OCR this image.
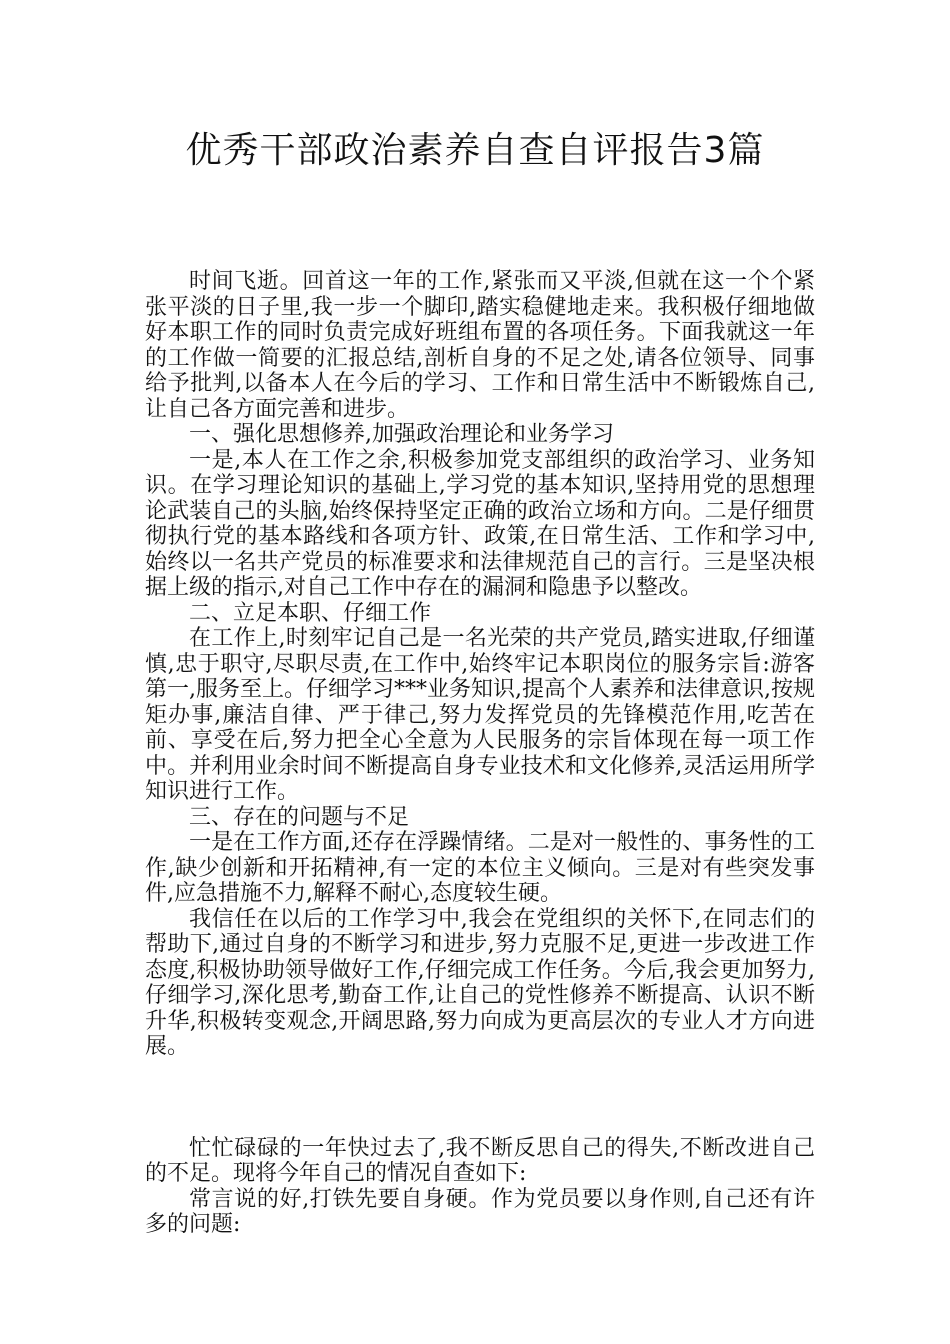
优秀干部政治素养自查自评报告3篇

时间飞逝。回首这一年的工作,紧张而又平淡,但就在这一个个紧张平淡的日子里,我一步一个脚印,踏实稳健地走来。我积极仔细地做好本职工作的同时负责完成好班组布置的各项任务。下面我就这一年的工作做一简要的汇报总结,剖析自身的不足之处,请各位领导、同事给予批判,以备本人在今后的学习、工作和日常生活中不断锻炼自己,让自己各方面完善和进步。

一、强化思想修养,加强政治理论和业务学习

一是,本人在工作之余,积极参加党支部组织的政治学习、业务知识。在学习理论知识的基础上,学习党的基本知识,坚持用党的思想理论武装自己的头脑,始终保持坚定正确的政治立场和方向。二是仔细贯彻执行党的基本路线和各项方针、政策,在日常生活、工作和学习中,始终以一名共产党员的标准要求和法律规范自己的言行。三是坚决根据上级的指示,对自己工作中存在的漏洞和隐患予以整改。

二、立足本职、仔细工作

在工作上,时刻牢记自己是一名光荣的共产党员,踏实进取,仔细谨慎,忠于职守,尽职尽责,在工作中,始终牢记本职岗位的服务宗旨:游客第一,服务至上。仔细学习***业务知识,提高个人素养和法律意识,按规矩办事,廉洁自律、严于律己,努力发挥党员的先锋模范作用,吃苦在前、享受在后,努力把全心全意为人民服务的宗旨体现在每一项工作中。并利用业余时间不断提高自身专业技术和文化修养,灵活运用所学知识进行工作。

三、存在的问题与不足

一是在工作方面,还存在浮躁情绪。二是对一般性的、事务性的工作,缺少创新和开拓精神,有一定的本位主义倾向。三是对有些突发事件,应急措施不力,解释不耐心,态度较生硬。

我信任在以后的工作学习中,我会在党组织的关怀下,在同志们的帮助下,通过自身的不断学习和进步,努力克服不足,更进一步改进工作态度,积极协助领导做好工作,仔细完成工作任务。今后,我会更加努力,仔细学习,深化思考,勤奋工作,让自己的党性修养不断提高、认识不断升华,积极转变观念,开阔思路,努力向成为更高层次的专业人才方向进展。

忙忙碌碌的一年快过去了,我不断反思自己的得失,不断改进自己的不足。现将今年自己的情况自查如下:

常言说的好,打铁先要自身硬。作为党员要以身作则,自己还有许多的问题:
